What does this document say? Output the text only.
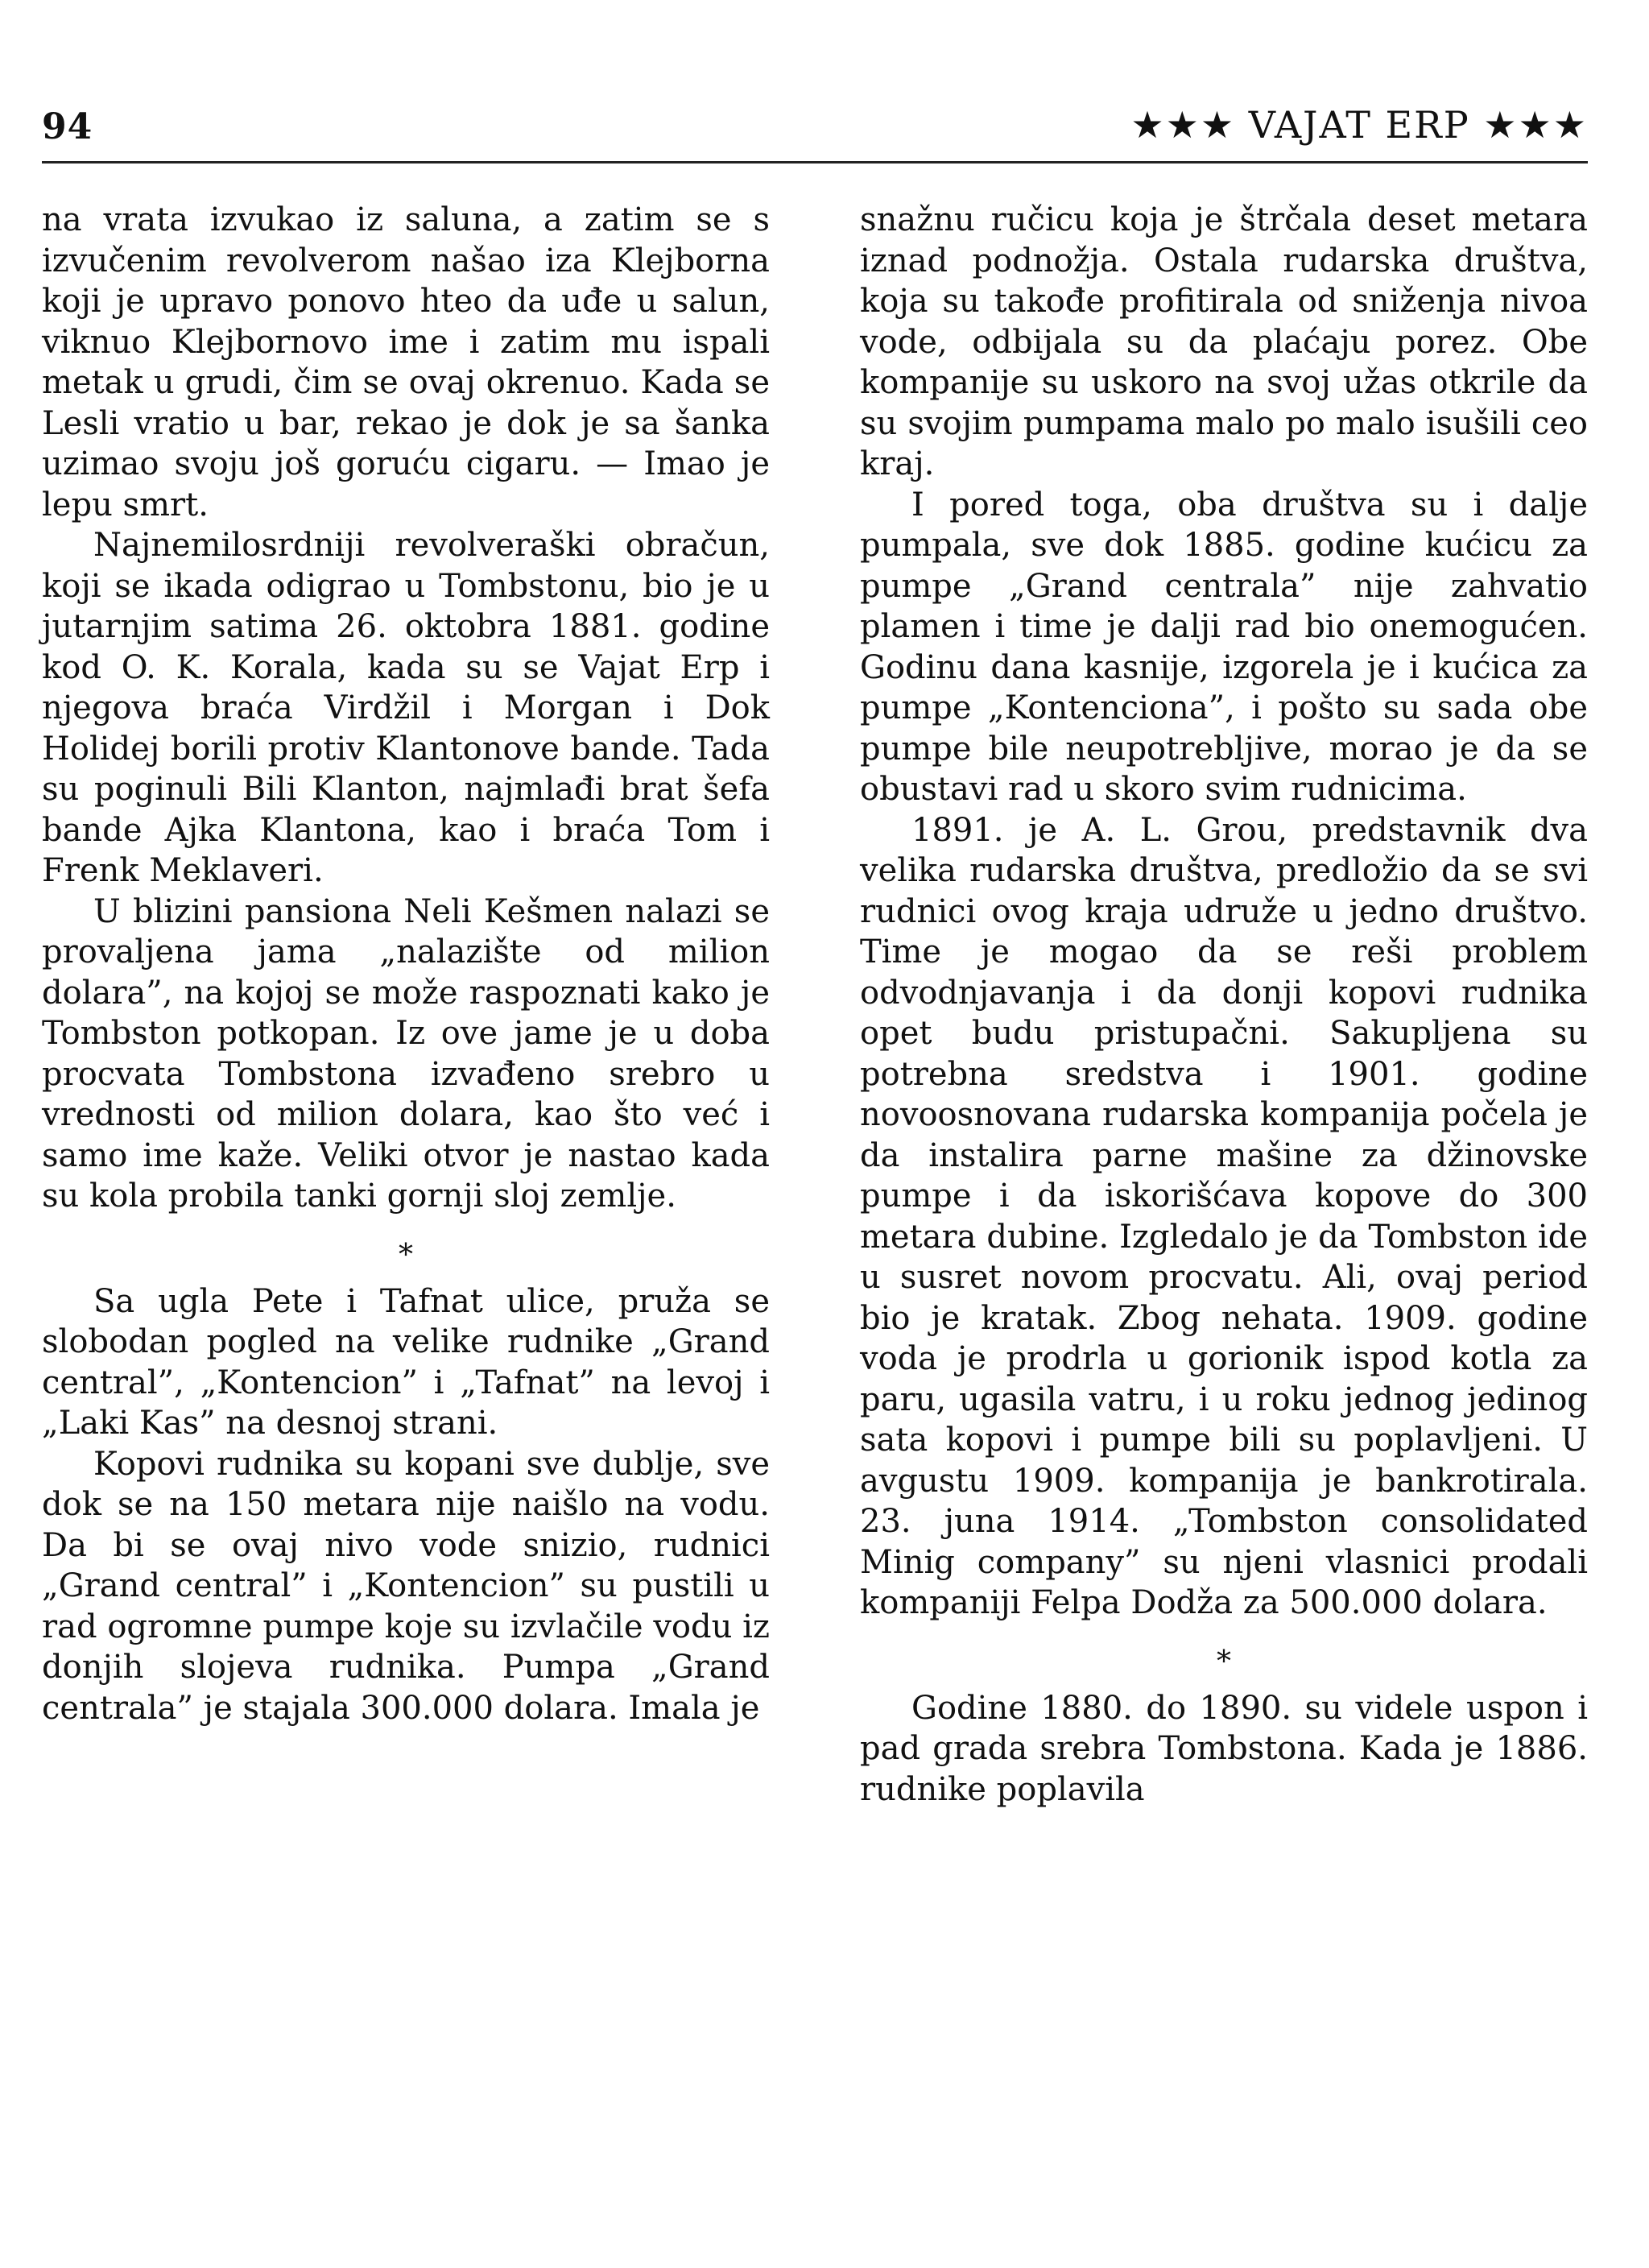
94	★★★ VAJAT ERP ★★★

na vrata izvukao iz saluna, a zatim se s izvučenim revolverom našao iza Klejborna koji je upravo ponovo hteo da uđe u salun, viknuo Klejbornovo ime i zatim mu ispali metak u grudi, čim se ovaj okrenuo. Kada se Lesli vratio u bar, rekao je dok je sa šanka uzimao svoju još goruću cigaru. — Imao je lepu smrt.

Najnemilosrdniji revolveraški obračun, koji se ikada odigrao u Tombstonu, bio je u jutarnjim satima 26. oktobra 1881. godine kod O. K. Korala, kada su se Vajat Erp i njegova braća Virdžil i Morgan i Dok Holidej borili protiv Klantonove bande. Tada su poginuli Bili Klanton, najmlađi brat šefa bande Ajka Klantona, kao i braća Tom i Frenk Meklaveri.

U blizini pansiona Neli Kešmen nalazi se provaljena jama „nalazište od milion dolara”, na kojoj se može raspoznati kako je Tombston potkopan. Iz ove jame je u doba procvata Tombstona izvađeno srebro u vrednosti od milion dolara, kao što već i samo ime kaže. Veliki otvor je nastao kada su kola probila tanki gornji sloj zemlje.

*

Sa ugla Pete i Tafnat ulice, pruža se slobodan pogled na velike rudnike „Grand central”, „Kontencion” i „Tafnat” na levoj i „Laki Kas” na desnoj strani.

Kopovi rudnika su kopani sve dublje, sve dok se na 150 metara nije naišlo na vodu. Da bi se ovaj nivo vode snizio, rudnici „Grand central” i „Kontencion” su pustili u rad ogromne pumpe koje su izvlačile vodu iz donjih slojeva rudnika. Pumpa „Grand centrala” je stajala 300.000 dolara. Imala je

snažnu ručicu koja je štrčala deset metara iznad podnožja. Ostala rudarska društva, koja su takođe profitirala od sniženja nivoa vode, odbijala su da plaćaju porez. Obe kompanije su uskoro na svoj užas otkrile da su svojim pumpama malo po malo isušili ceo kraj.

I pored toga, oba društva su i dalje pumpala, sve dok 1885. godine kućicu za pumpe „Grand centrala” nije zahvatio plamen i time je dalji rad bio onemogućen. Godinu dana kasnije, izgorela je i kućica za pumpe „Kontenciona”, i pošto su sada obe pumpe bile neupotrebljive, morao je da se obustavi rad u skoro svim rudnicima.

1891. je A. L. Grou, predstavnik dva velika rudarska društva, predložio da se svi rudnici ovog kraja udruže u jedno društvo. Time je mogao da se reši problem odvodnjavanja i da donji kopovi rudnika opet budu pristupačni. Sakupljena su potrebna sredstva i 1901. godine novoosnovana rudarska kompanija počela je da instalira parne mašine za džinovske pumpe i da iskorišćava kopove do 300 metara dubine. Izgledalo je da Tombston ide u susret novom procvatu. Ali, ovaj period bio je kratak. Zbog nehata. 1909. godine voda je prodrla u gorionik ispod kotla za paru, ugasila vatru, i u roku jednog jedinog sata kopovi i pumpe bili su poplavljeni. U avgustu 1909. kompanija je bankrotirala. 23. juna 1914. „Tombston consolidated Minig company” su njeni vlasnici prodali kompaniji Felpa Dodža za 500.000 dolara.

*

Godine 1880. do 1890. su videle uspon i pad grada srebra Tombstona. Kada je 1886. rudnike poplavila
